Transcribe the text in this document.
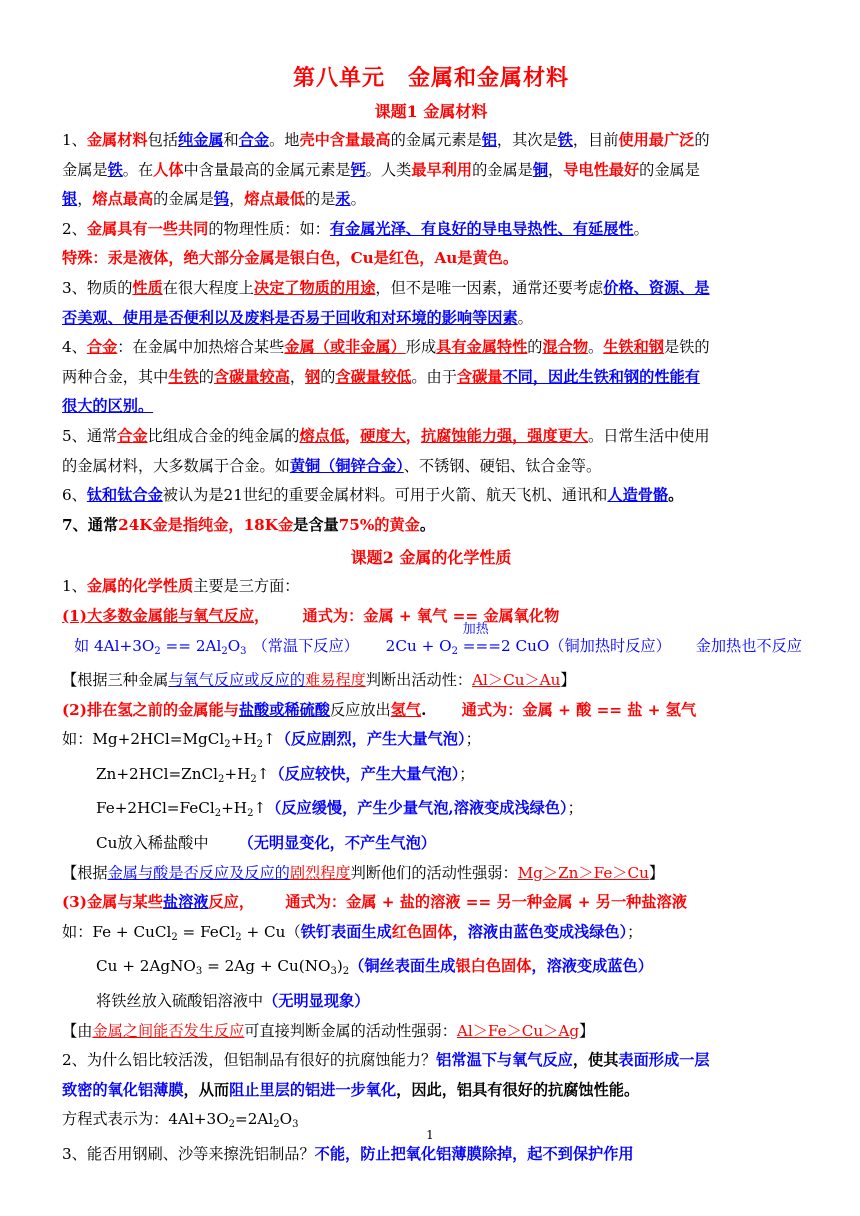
第八单元　金属和金属材料
课题1 金属材料

1、金属材料包括纯金属和合金。地壳中含量最高的金属元素是铝，其次是铁，目前使用最广泛的

金属是铁。在人体中含量最高的金属元素是钙。人类最早利用的金属是铜，导电性最好的金属是

银，熔点最高的金属是钨，熔点最低的是汞。

2、金属具有一些共同的物理性质：如：有金属光泽、有良好的导电导热性、有延展性。

特殊：汞是液体，绝大部分金属是银白色，Cu是红色，Au是黄色。

3、物质的性质在很大程度上决定了物质的用途，但不是唯一因素，通常还要考虑价格、资源、是

否美观、使用是否便利以及废料是否易于回收和对环境的影响等因素。

4、合金：在金属中加热熔合某些金属（或非金属）形成具有金属特性的混合物。生铁和钢是铁的

两种合金，其中生铁的含碳量较高，钢的含碳量较低。由于含碳量不同，因此生铁和钢的性能有

很大的区别。

5、通常合金比组成合金的纯金属的熔点低，硬度大，抗腐蚀能力强，强度更大。日常生活中使用

的金属材料，大多数属于合金。如黄铜（铜锌合金）、不锈钢、硬铝、钛合金等。

6、钛和钛合金被认为是21世纪的重要金属材料。可用于火箭、航天飞机、通讯和人造骨骼。

7、通常24K金是指纯金，18K金是含量75%的黄金。

课题2 金属的化学性质

1、金属的化学性质主要是三方面：

(1)大多数金属能与氧气反应， 通式为：金属 + 氧气 == 金属氧化物

如 $4Al+3O_2 == 2Al_2O_3$ （常温下反应） $2Cu + O_2$
加热
===2 CuO（铜加热时反应） 金加热也不反应

【根据三种金属与氧气反应或反应的难易程度判断出活动性：Al＞Cu＞Au】

(2)排在氢之前的金属能与盐酸或稀硫酸反应放出氢气. 通式为：金属 + 酸 == 盐 + 氢气

如：$Mg+2HCl=MgCl_2+H_2↑$（反应剧烈，产生大量气泡）；

$Zn+2HCl=ZnCl_2+H_2↑$（反应较快，产生大量气泡）；

$Fe+2HCl=FeCl_2+H_2↑$（反应缓慢，产生少量气泡,溶液变成浅绿色）；

Cu放入稀盐酸中 （无明显变化，不产生气泡）

【根据金属与酸是否反应及反应的剧烈程度判断他们的活动性强弱：Mg＞Zn＞Fe＞Cu】

(3)金属与某些盐溶液反应， 通式为：金属 + 盐的溶液 == 另一种金属 + 另一种盐溶液

如：Fe + CuCl$_2$ = FeCl$_2$ + Cu（铁钉表面生成红色固体，溶液由蓝色变成浅绿色）；

Cu + 2AgNO$_3$ = $2Ag + Cu(NO_3)_2$（铜丝表面生成银白色固体，溶液变成蓝色）

将铁丝放入硫酸铝溶液中（无明显现象）

【由金属之间能否发生反应可直接判断金属的活动性强弱：Al＞Fe＞Cu＞Ag】

2、为什么铝比较活泼，但铝制品有很好的抗腐蚀能力？铝常温下与氧气反应，使其表面形成一层

致密的氧化铝薄膜，从而阻止里层的铝进一步氧化，因此，铝具有很好的抗腐蚀性能。

方程式表示为：$4Al+3O_2=2Al_2O_3$

3、能否用钢刷、沙等来擦洗铝制品？不能，防止把氧化铝薄膜除掉，起不到保护作用

1
